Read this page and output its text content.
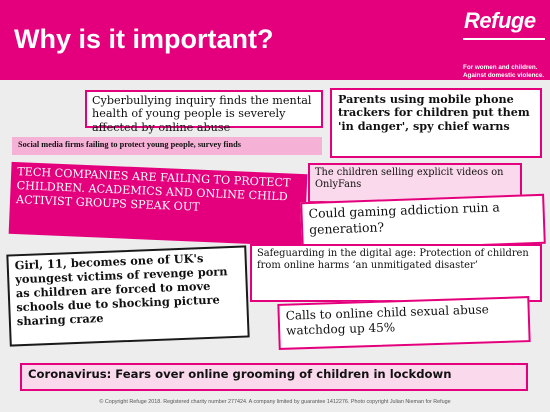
Why is it important?
Refuge
For women and children.
Against domestic violence.
Cyberbullying inquiry finds the mental health of young people is severely affected by online abuse
Social media firms failing to protect young people, survey finds
Parents using mobile phone trackers for children put them 'in danger', spy chief warns
TECH COMPANIES ARE FAILING TO PROTECT CHILDREN. ACADEMICS AND ONLINE CHILD ACTIVIST GROUPS SPEAK OUT
The children selling explicit videos on OnlyFans
Could gaming addiction ruin a generation?
Girl, 11, becomes one of UK's youngest victims of revenge porn as children are forced to move schools due to shocking picture sharing craze
Safeguarding in the digital age: Protection of children from online harms ‘an unmitigated disaster’
Calls to online child sexual abuse watchdog up 45%
Coronavirus: Fears over online grooming of children in lockdown
© Copyright Refuge 2018. Registered charity number 277424. A company limited by guarantee 1412276. Photo copyright Julian Nieman for Refuge
